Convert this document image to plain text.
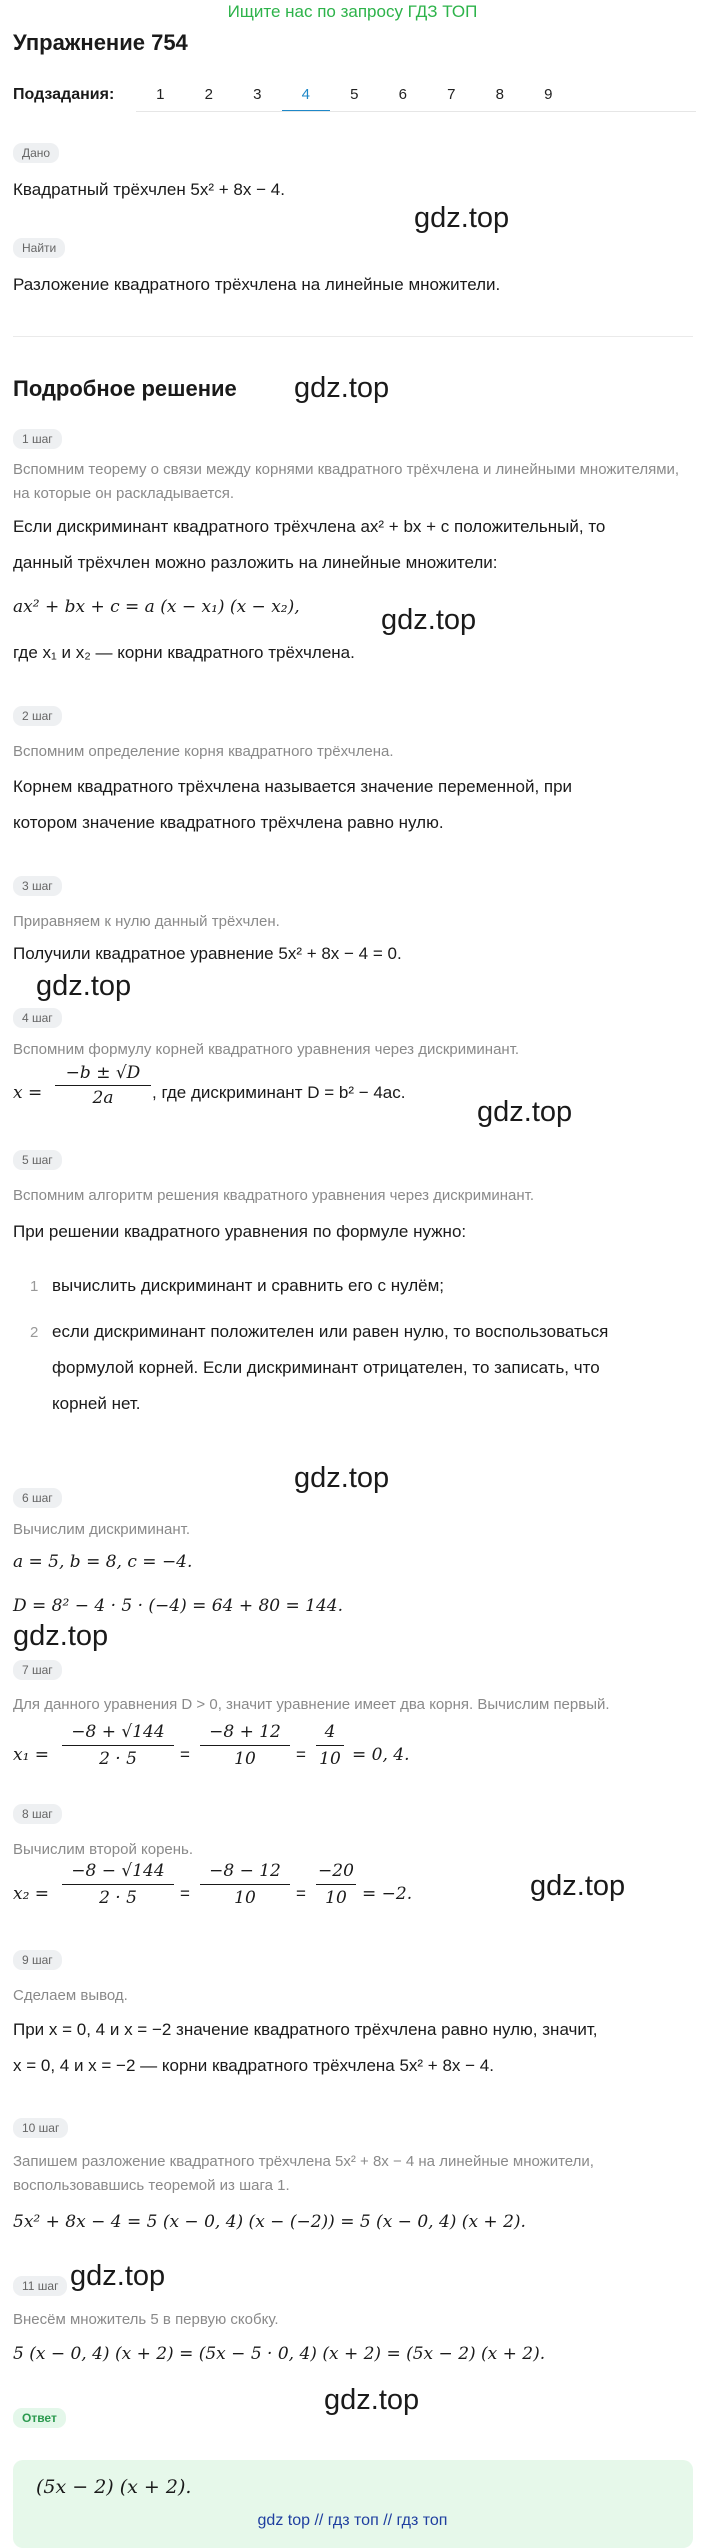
Ищите нас по запросу ГДЗ ТОП
Упражнение 754
Подзадания:	1	2	3	4	5	6	7	8	9
Дано
Квадратный трёхчлен 5x² + 8x − 4.
gdz.top
Найти
Разложение квадратного трёхчлена на линейные множители.
Подробное решение gdz.top
1 шаг
Вспомним теорему о связи между корнями квадратного трёхчлена и линейными множителями, на которые он раскладывается.
Если дискриминант квадратного трёхчлена ax² + bx + c положительный, то
данный трёхчлен можно разложить на линейные множители:
ax² + bx + c = a (x − x₁) (x − x₂),	gdz.top
где x₁ и x₂ — корни квадратного трёхчлена.
2 шаг
Вспомним определение корня квадратного трёхчлена.
Корнем квадратного трёхчлена называется значение переменной, при
котором значение квадратного трёхчлена равно нулю.
3 шаг
Приравняем к нулю данный трёхчлен.
Получили квадратное уравнение 5x² + 8x − 4 = 0.
gdz.top
4 шаг
Вспомним формулу корней квадратного уравнения через дискриминант.
$x = \frac{-b \pm √D}{2a}$ , где дискриминант D = b² − 4ac.
gdz.top
5 шаг
Вспомним алгоритм решения квадратного уравнения через дискриминант.
При решении квадратного уравнения по формуле нужно:
1 вычислить дискриминант и сравнить его с нулём;
2 если дискриминант положителен или равен нулю, то воспользоваться
формулой корней. Если дискриминант отрицателен, то записать, что
корней нет.
gdz.top
6 шаг
Вычислим дискриминант.
a = 5, b = 8, c = −4.
D = 8² − 4 · 5 · (−4) = 64 + 80 = 144.
gdz.top
7 шаг
Для данного уравнения D > 0, значит уравнение имеет два корня. Вычислим первый.
$x_1 = \frac{-8 + √144}{2 \cdot 5} = \frac{-8 + 12}{10} = \frac{4}{10} = 0$, 4.
8 шаг
Вычислим второй корень.
$x_2 = \frac{-8 - √144}{2 \cdot 5} = \frac{-8 - 12}{10} = \frac{-20}{10} = -2$.	gdz.top
9 шаг
Сделаем вывод.
При x = 0, 4 и x = −2 значение квадратного трёхчлена равно нулю, значит,
x = 0, 4 и x = −2 — корни квадратного трёхчлена 5x² + 8x − 4.
10 шаг
Запишем разложение квадратного трёхчлена 5x² + 8x − 4 на линейные множители, воспользовавшись теоремой из шага 1.
5x² + 8x − 4 = 5 (x − 0, 4) (x − (−2)) = 5 (x − 0, 4) (x + 2).
11 шаг gdz.top
Внесём множитель 5 в первую скобку.
5 (x − 0, 4) (x + 2) = (5x − 5 · 0, 4) (x + 2) = (5x − 2) (x + 2).
gdz.top
Ответ
(5x − 2) (x + 2).
gdz top // гдз топ // гдз топ
